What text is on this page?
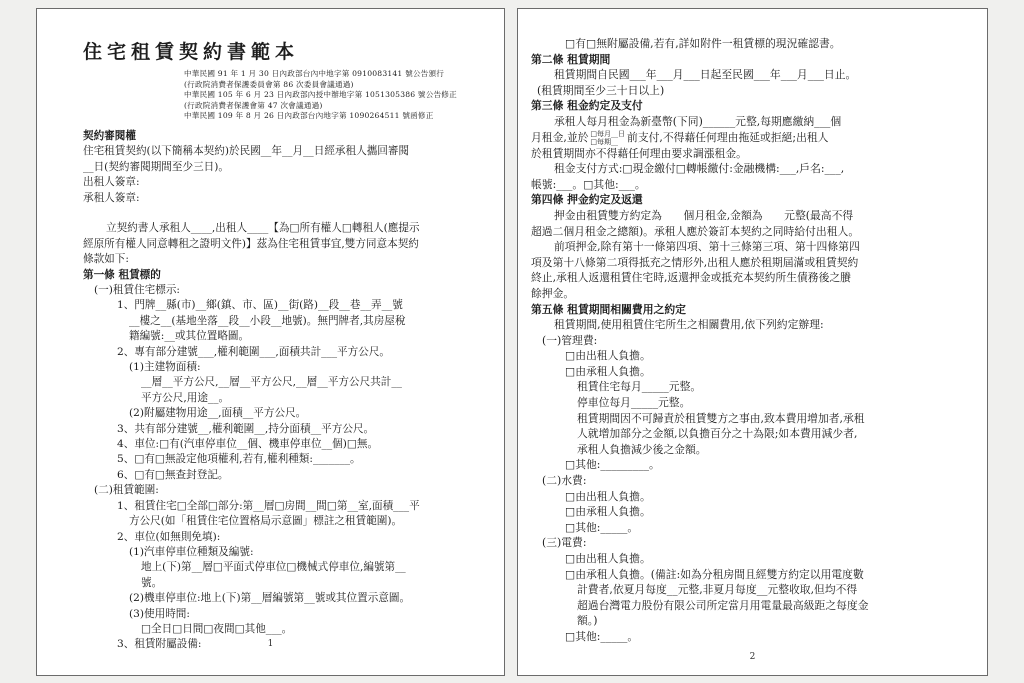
住宅租賃契約書範本
中華民國 91 年 1 月 30 日內政部台內中地字第 0910083141 號公告頒行
(行政院消費者保護委員會第 86 次委員會議通過)
中華民國 105 年 6 月 23 日內政部內授中辦地字第 1051305386 號公告修正
(行政院消費者保護會第 47 次會議通過)
中華民國 109 年 8 月 26 日內政部台內地字第 1090264511 號函修正
契約審閱權
住宅租賃契約(以下簡稱本契約)於民國__年__月__日經承租人攜回審閱
__日(契約審閱期間至少三日)。
出租人簽章:
承租人簽章:
立契約書人承租人____,出租人____【為□所有權人□轉租人(應提示
經原所有權人同意轉租之證明文件)】茲為住宅租賃事宜,雙方同意本契約
條款如下:
第一條 租賃標的
(一)租賃住宅標示:
1、門牌__縣(市)__鄉(鎮、市、區)__街(路)__段__巷__弄__號
__樓之__(基地坐落__段__小段__地號)。無門牌者,其房屋稅
籍編號:__或其位置略圖。
2、專有部分建號___,權利範圍___,面積共計___平方公尺。
(1)主建物面積:
__層__平方公尺,__層__平方公尺,__層__平方公尺共計__
平方公尺,用途__。
(2)附屬建物用途__,面積__平方公尺。
3、共有部分建號__,權利範圍__,持分面積__平方公尺。
4、車位:□有(汽車停車位__個、機車停車位__個)□無。
5、□有□無設定他項權利,若有,權利種類:_______。
6、□有□無查封登記。
(二)租賃範圍:
1、租賃住宅□全部□部分:第__層□房間__間□第__室,面積___平
方公尺(如「租賃住宅位置格局示意圖」標註之租賃範圍)。
2、車位(如無則免填):
(1)汽車停車位種類及編號:
地上(下)第__層□平面式停車位□機械式停車位,編號第__
號。
(2)機車停車位:地上(下)第__層編號第__號或其位置示意圖。
(3)使用時間:
□全日□日間□夜間□其他___。
3、租賃附屬設備:	1
□有□無附屬設備,若有,詳如附件一租賃標的現況確認書。
第二條 租賃期間
租賃期間自民國___年___月___日起至民國___年___月___日止。
(租賃期間至少三十日以上)
第三條 租金約定及支付
承租人每月租金為新臺幣(下同)______元整,每期應繳納___個
月租金,並於 □每月__日
□每期__ 前支付,不得藉任何理由拖延或拒絕;出租人
於租賃期間亦不得藉任何理由要求調漲租金。
租金支付方式:□現金繳付□轉帳繳付:金融機構:___,戶名:___,
帳號:___。□其他:___。
第四條 押金約定及返還
押金由租賃雙方約定為　　個月租金,金額為　　元整(最高不得
超過二個月租金之總額)。承租人應於簽訂本契約之同時給付出租人。
前項押金,除有第十一條第四項、第十三條第三項、第十四條第四
項及第十八條第二項得抵充之情形外,出租人應於租期屆滿或租賃契約
終止,承租人返還租賃住宅時,返還押金或抵充本契約所生債務後之賸
餘押金。
第五條 租賃期間相關費用之約定
租賃期間,使用租賃住宅所生之相關費用,依下列約定辦理:
(一)管理費:
□由出租人負擔。
□由承租人負擔。
租賃住宅每月_____元整。
停車位每月_____元整。
租賃期間因不可歸責於租賃雙方之事由,致本費用增加者,承租
人就增加部分之金額,以負擔百分之十為限;如本費用減少者,
承租人負擔減少後之金額。
□其他:_________。
(二)水費:
□由出租人負擔。
□由承租人負擔。
□其他:_____。
(三)電費:
□由出租人負擔。
□由承租人負擔。(備註:如為分租房間且經雙方約定以用電度數
計費者,依夏月每度__元整,非夏月每度__元整收取,但均不得
超過台灣電力股份有限公司所定當月用電量最高級距之每度金
額。)
□其他:_____。
2
